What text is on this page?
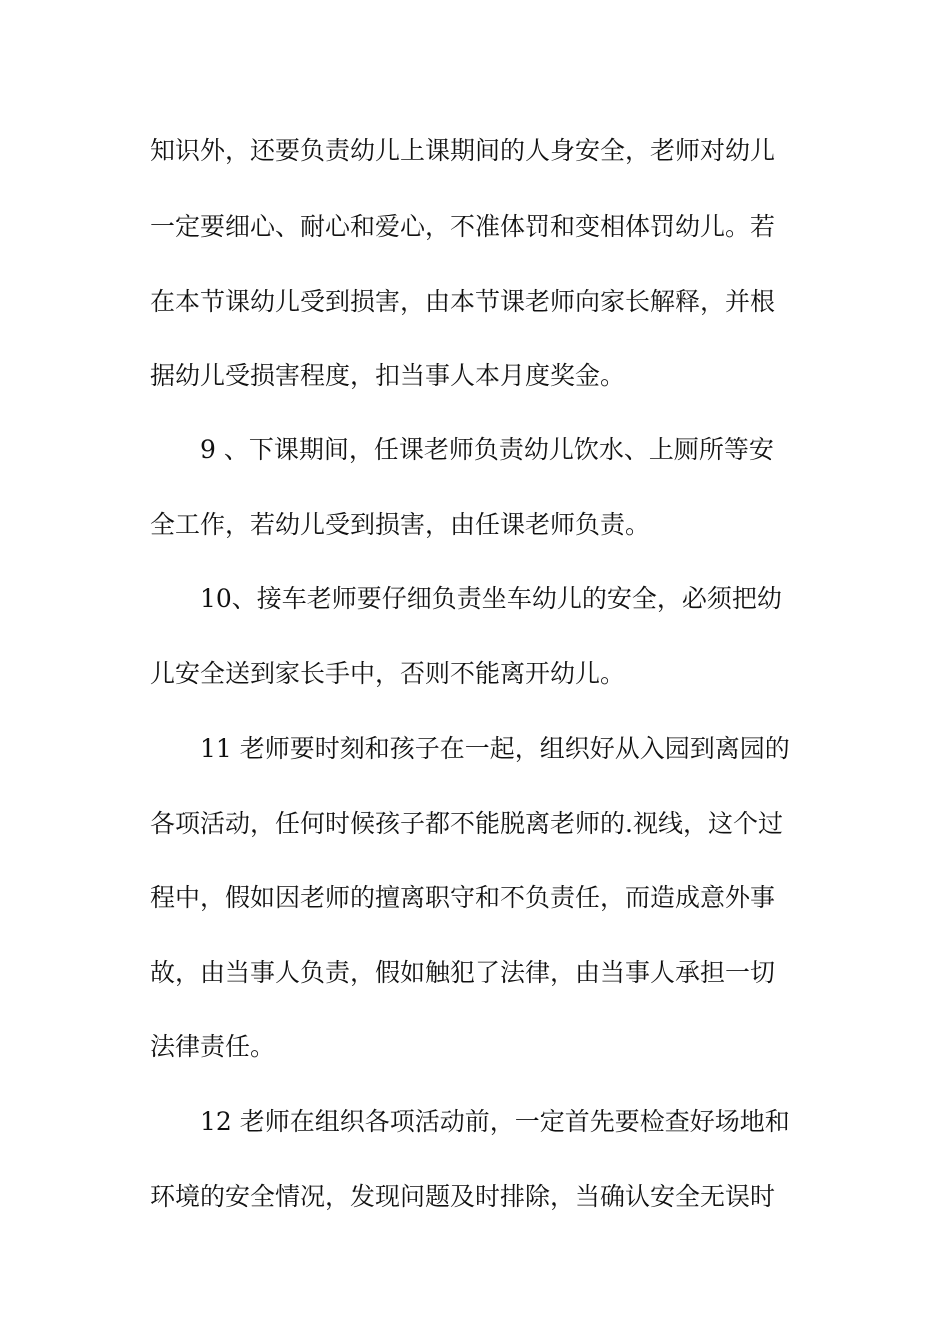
知识外，还要负责幼儿上课期间的人身安全，老师对幼儿
一定要细心、耐心和爱心，不准体罚和变相体罚幼儿。若
在本节课幼儿受到损害，由本节课老师向家长解释，并根
据幼儿受损害程度，扣当事人本月度奖金。
9 、下课期间，任课老师负责幼儿饮水、上厕所等安
全工作，若幼儿受到损害，由任课老师负责。
10、接车老师要仔细负责坐车幼儿的安全，必须把幼
儿安全送到家长手中，否则不能离开幼儿。
11 老师要时刻和孩子在一起，组织好从入园到离园的
各项活动，任何时候孩子都不能脱离老师的.视线，这个过
程中，假如因老师的擅离职守和不负责任，而造成意外事
故，由当事人负责，假如触犯了法律，由当事人承担一切
法律责任。
12 老师在组织各项活动前，一定首先要检查好场地和
环境的安全情况，发现问题及时排除，当确认安全无误时
